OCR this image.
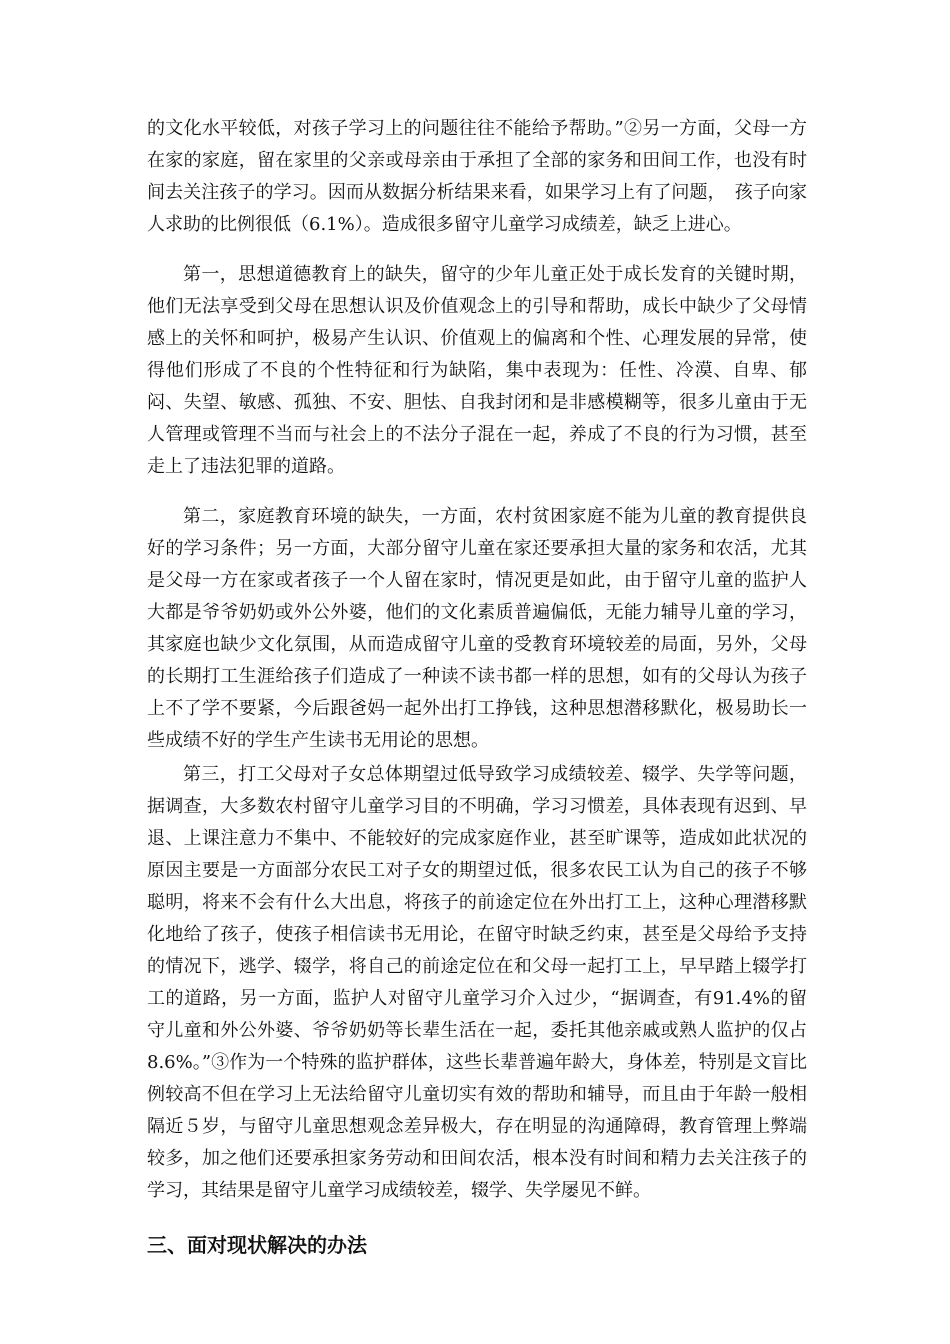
的文化水平较低，对孩子学习上的问题往往不能给予帮助。”②另一方面，父母一方在家的家庭，留在家里的父亲或母亲由于承担了全部的家务和田间工作，也没有时间去关注孩子的学习。因而从数据分析结果来看，如果学习上有了问题，　孩子向家人求助的比例很低（6.1%）。造成很多留守儿童学习成绩差，缺乏上进心。

第一，思想道德教育上的缺失，留守的少年儿童正处于成长发育的关键时期，他们无法享受到父母在思想认识及价值观念上的引导和帮助，成长中缺少了父母情感上的关怀和呵护，极易产生认识、价值观上的偏离和个性、心理发展的异常，使得他们形成了不良的个性特征和行为缺陷，集中表现为：任性、冷漠、自卑、郁闷、失望、敏感、孤独、不安、胆怯、自我封闭和是非感模糊等，很多儿童由于无人管理或管理不当而与社会上的不法分子混在一起，养成了不良的行为习惯，甚至走上了违法犯罪的道路。

第二，家庭教育环境的缺失，一方面，农村贫困家庭不能为儿童的教育提供良好的学习条件；另一方面，大部分留守儿童在家还要承担大量的家务和农活，尤其是父母一方在家或者孩子一个人留在家时，情况更是如此，由于留守儿童的监护人大都是爷爷奶奶或外公外婆，他们的文化素质普遍偏低，无能力辅导儿童的学习，其家庭也缺少文化氛围，从而造成留守儿童的受教育环境较差的局面，另外，父母的长期打工生涯给孩子们造成了一种读不读书都一样的思想，如有的父母认为孩子上不了学不要紧，今后跟爸妈一起外出打工挣钱，这种思想潜移默化，极易助长一些成绩不好的学生产生读书无用论的思想。

第三，打工父母对子女总体期望过低导致学习成绩较差、辍学、失学等问题，据调查，大多数农村留守儿童学习目的不明确，学习习惯差，具体表现有迟到、早退、上课注意力不集中、不能较好的完成家庭作业，甚至旷课等，造成如此状况的原因主要是一方面部分农民工对子女的期望过低，很多农民工认为自己的孩子不够聪明，将来不会有什么大出息，将孩子的前途定位在外出打工上，这种心理潜移默化地给了孩子，使孩子相信读书无用论，在留守时缺乏约束，甚至是父母给予支持的情况下，逃学、辍学，将自己的前途定位在和父母一起打工上，早早踏上辍学打工的道路，另一方面，监护人对留守儿童学习介入过少，“据调查，有91.4%的留守儿童和外公外婆、爷爷奶奶等长辈生活在一起，委托其他亲戚或熟人监护的仅占8.6%。”③作为一个特殊的监护群体，这些长辈普遍年龄大，身体差，特别是文盲比例较高不但在学习上无法给留守儿童切实有效的帮助和辅导，而且由于年龄一般相隔近５岁，与留守儿童思想观念差异极大，存在明显的沟通障碍，教育管理上弊端较多，加之他们还要承担家务劳动和田间农活，根本没有时间和精力去关注孩子的学习，其结果是留守儿童学习成绩较差，辍学、失学屡见不鲜。

三、面对现状解决的办法
